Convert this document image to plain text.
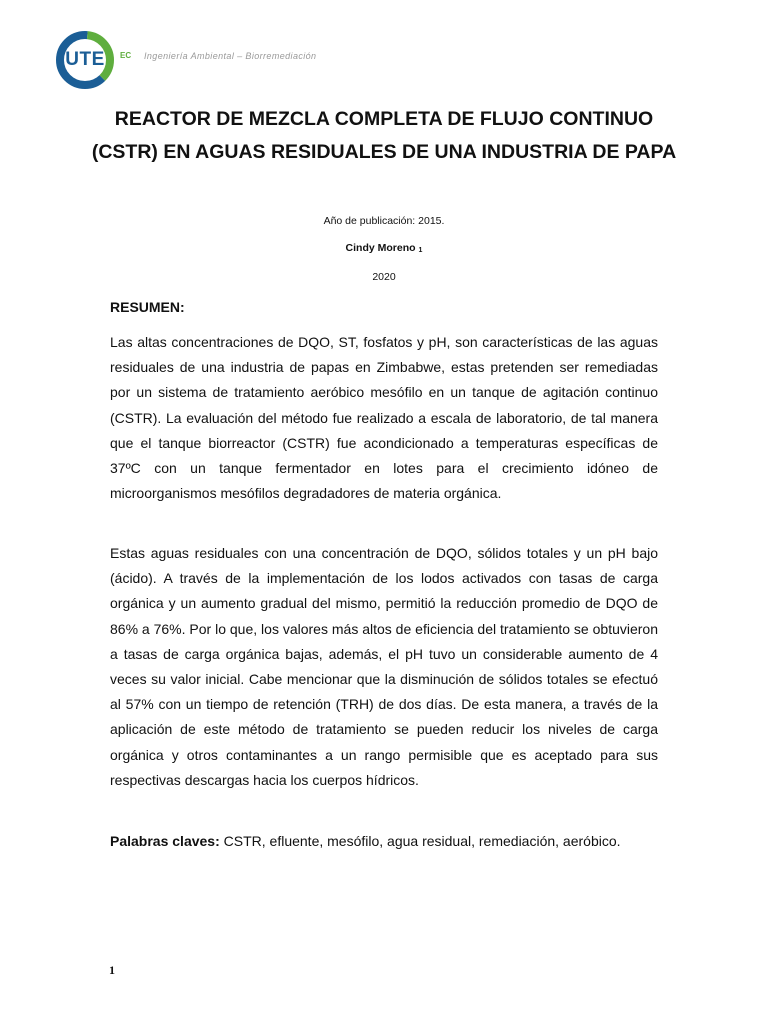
UTE	EC Ingeniería Ambiental – Biorremediación
REACTOR DE MEZCLA COMPLETA DE FLUJO CONTINUO (CSTR) EN AGUAS RESIDUALES DE UNA INDUSTRIA DE PAPA
Año de publicación: 2015.
Cindy Moreno $^1$
2020
RESUMEN:

Las altas concentraciones de DQO, ST, fosfatos y pH, son características de las aguas residuales de una industria de papas en Zimbabwe, estas pretenden ser remediadas por un sistema de tratamiento aeróbico mesófilo en un tanque de agitación continuo (CSTR). La evaluación del método fue realizado a escala de laboratorio, de tal manera que el tanque biorreactor (CSTR) fue acondicionado a temperaturas específicas de 37ºC con un tanque fermentador en lotes para el crecimiento idóneo de microorganismos mesófilos degradadores de materia orgánica.

Estas aguas residuales con una concentración de DQO, sólidos totales y un pH bajo (ácido). A través de la implementación de los lodos activados con tasas de carga orgánica y un aumento gradual del mismo, permitió la reducción promedio de DQO de 86% a 76%. Por lo que, los valores más altos de eficiencia del tratamiento se obtuvieron a tasas de carga orgánica bajas, además, el pH tuvo un considerable aumento de 4 veces su valor inicial. Cabe mencionar que la disminución de sólidos totales se efectuó al 57% con un tiempo de retención (TRH) de dos días. De esta manera, a través de la aplicación de este método de tratamiento se pueden reducir los niveles de carga orgánica y otros contaminantes a un rango permisible que es aceptado para sus respectivas descargas hacia los cuerpos hídricos.

Palabras claves: CSTR, efluente, mesófilo, agua residual, remediación, aeróbico.

1
